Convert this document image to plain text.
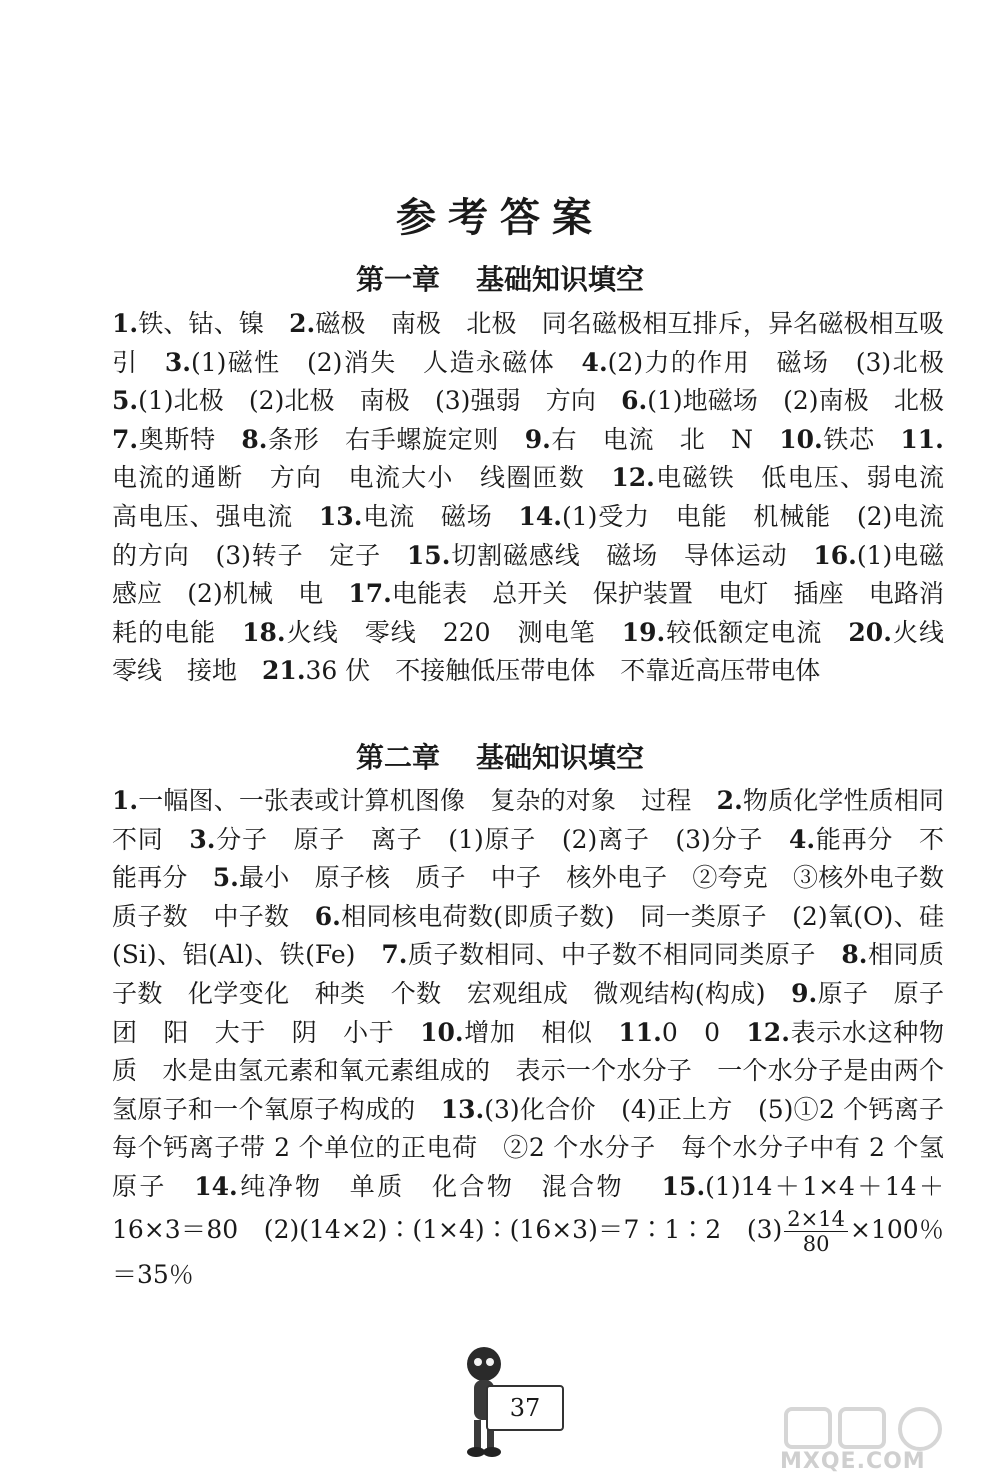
参考答案
第一章 基础知识填空
1.铁、钴、镍　 2.磁极　南极　北极　同名磁极相互排斥，异名磁极相互吸引　 3.(1)磁性　(2)消失　人造永磁体　 4.(2)力的作用　磁场　(3)北极　5.(1)北极　(2)北极　南极　(3)强弱　方向　 6.(1)地磁场　(2)南极　北极　7.奥斯特　 8.条形　右手螺旋定则　 9.右　电流　北　N　 10.铁芯　 11.电流的通断　方向　电流大小　线圈匝数　 12.电磁铁　低电压、弱电流　高电压、强电流　 13.电流　磁场　 14.(1)受力　电能　机械能　(2)电流的方向　(3)转子　定子　 15.切割磁感线　磁场　导体运动　 16.(1)电磁感应　(2)机械　电　 17.电能表　总开关　保护装置　电灯　插座　电路消耗的电能　 18.火线　零线　220　测电笔　 19.较低额定电流　 20.火线　零线　接地　 21.36 伏　不接触低压带电体　不靠近高压带电体　
第二章 基础知识填空
1.一幅图、一张表或计算机图像　复杂的对象　过程　 2.物质化学性质相同　不同　 3.分子　原子　离子　(1)原子　(2)离子　(3)分子　 4.能再分　不能再分　 5.最小　原子核　质子　中子　核外电子　②夸克　③核外电子数　质子数　中子数　 6.相同核电荷数(即质子数)　同一类原子　(2)氧(O)、硅(Si)、铝(Al)、铁(Fe)　 7.质子数相同、中子数不相同同类原子　 8.相同质子数　化学变化　种类　个数　宏观组成　微观结构(构成)　 9.原子　原子团　阳　大于　阴　小于　 10.增加　相似　 11.0　0　 12.表示水这种物质　水是由氢元素和氧元素组成的　表示一个水分子　一个水分子是由两个氢原子和一个氧原子构成的　 13.(3)化合价　(4)正上方　(5)①2 个钙离子　每个钙离子带 2 个单位的正电荷　②2 个水分子　每个水分子中有 2 个氢原子　 14.纯净物　单质　化合物　混合物　 15.(1)14＋1×4＋14＋16×3＝80　(2)(14×2)∶(1×4)∶(16×3)＝7∶1∶2　$(3) \frac{2\times 14}{80} \times 100$％＝35％
37
MXQE.COM
